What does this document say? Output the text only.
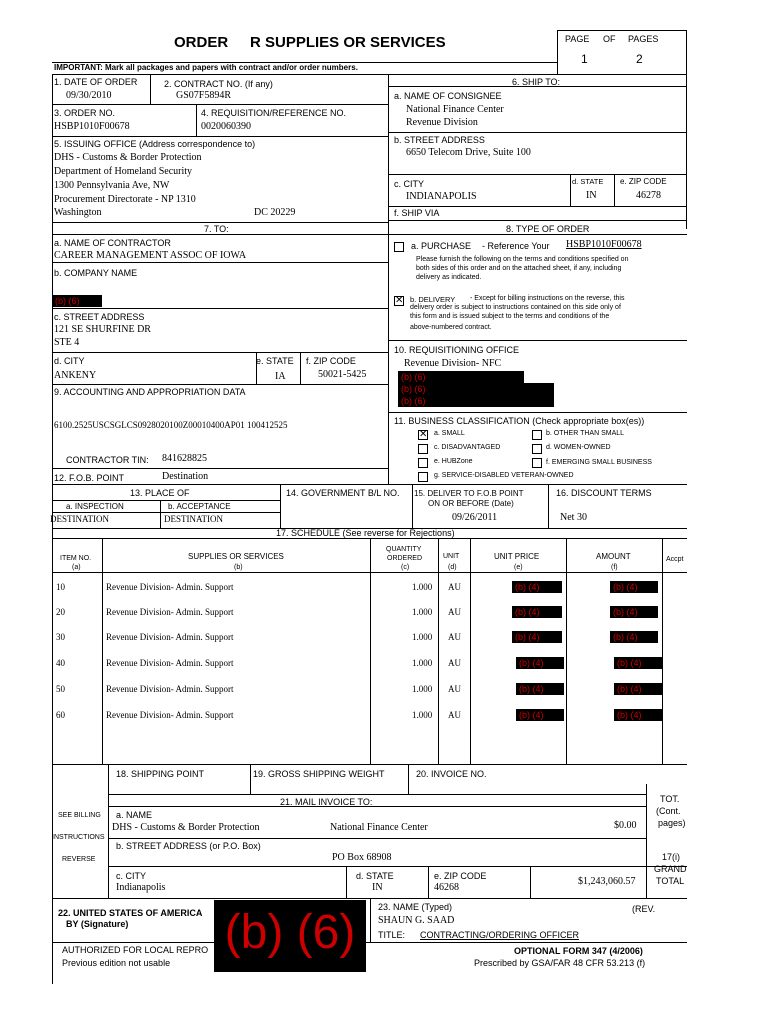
ORDER R SUPPLIES OR SERVICES	PAGE OF PAGES
1	2
IMPORTANT: Mark all packages and papers with contract and/or order numbers.
1. DATE OF ORDER
09/30/2010
2. CONTRACT NO. (If any)
GS07F5894R
3. ORDER NO.
HSBP1010F00678
4. REQUISITION/REFERENCE NO.
0020060390
5. ISSUING OFFICE (Address correspondence to)
DHS - Customs & Border Protection
Department of Homeland Security
1300 Pennsylvania Ave, NW
Procurement Directorate - NP 1310
Washington	DC 20229
6. SHIP TO:
a. NAME OF CONSIGNEE
National Finance Center
Revenue Division
b. STREET ADDRESS
6650 Telecom Drive, Suite 100
c. CITY
INDIANAPOLIS
d. STATE
IN
e. ZIP CODE
46278
f. SHIP VIA
7. TO:
a. NAME OF CONTRACTOR
CAREER MANAGEMENT ASSOC OF IOWA
b. COMPANY NAME
(b) (6)
c. STREET ADDRESS
121 SE SHURFINE DR
STE 4
d. CITY
ANKENY
e. STATE
IA
f. ZIP CODE
50021-5425
8. TYPE OF ORDER
a. PURCHASE - Reference Your HSBP1010F00678
Please furnish the following on the terms and conditions specified on
both sides of this order and on the attached sheet, if any, including
delivery as indicated.
✕ b. DELIVERY - Except for billing instructions on the reverse, this
delivery order is subject to instructions contained on this side only of
this form and is issued subject to the terms and conditions of the
above-numbered contract.
9. ACCOUNTING AND APPROPRIATION DATA
6100.2525USCSGLCS0928020100Z00010400AP01 100412525
CONTRACTOR TIN: 841628825
10. REQUISITIONING OFFICE
Revenue Division- NFC
(b) (6)
(b) (6)
(b) (6)
11. BUSINESS CLASSIFICATION (Check appropriate box(es))
✕ a. SMALL	b. OTHER THAN SMALL
c. DISADVANTAGED	d. WOMEN-OWNED
e. HUBZone	f. EMERGING SMALL BUSINESS
g. SERVICE-DISABLED VETERAN-OWNED
12. F.O.B. POINT	Destination
13. PLACE OF
a. INSPECTION
DESTINATION
b. ACCEPTANCE
DESTINATION
14. GOVERNMENT B/L NO. 15. DELIVER TO F.O.B POINT
ON OR BEFORE (Date)
09/26/2011
16. DISCOUNT TERMS
Net 30
17. SCHEDULE (See reverse for Rejections)
ITEM NO.
(a)
SUPPLIES OR SERVICES
(b)
QUANTITY
ORDERED
(c)
UNIT
(d)
UNIT PRICE
(e)
AMOUNT
(f)
Accpt
10	Revenue Division- Admin. Support	1.000 AU	(b) (4)	(b) (4)
20	Revenue Division- Admin. Support	1.000 AU	(b) (4)	(b) (4)
30	Revenue Division- Admin. Support	1.000 AU	(b) (4)	(b) (4)
40	Revenue Division- Admin. Support	1.000 AU	(b) (4)	(b) (4)
50	Revenue Division- Admin. Support	1.000 AU	(b) (4)	(b) (4)
60	Revenue Division- Admin. Support	1.000 AU	(b) (4)	(b) (4)
18. SHIPPING POINT	19. GROSS SHIPPING WEIGHT	20. INVOICE NO.
21. MAIL INVOICE TO:
SEE BILLING
INSTRUCTIONS
REVERSE
a. NAME
DHS - Customs & Border Protection	National Finance Center
b. STREET ADDRESS (or P.O. Box)
PO Box 68908
c. CITY
Indianapolis
d. STATE
IN
e. ZIP CODE
46268
$0.00
$1,243,060.57
TOT.
(Cont.
pages)
17(i)
GRAND
TOTAL
22. UNITED STATES OF AMERICA
BY (Signature) (b) (6)	23. NAME (Typed)
SHAUN G. SAAD
TITLE: CONTRACTING/ORDERING OFFICER
(REV.
AUTHORIZED FOR LOCAL REPRO
Previous edition not usable
OPTIONAL FORM 347 (4/2006)
Prescribed by GSA/FAR 48 CFR 53.213 (f)
